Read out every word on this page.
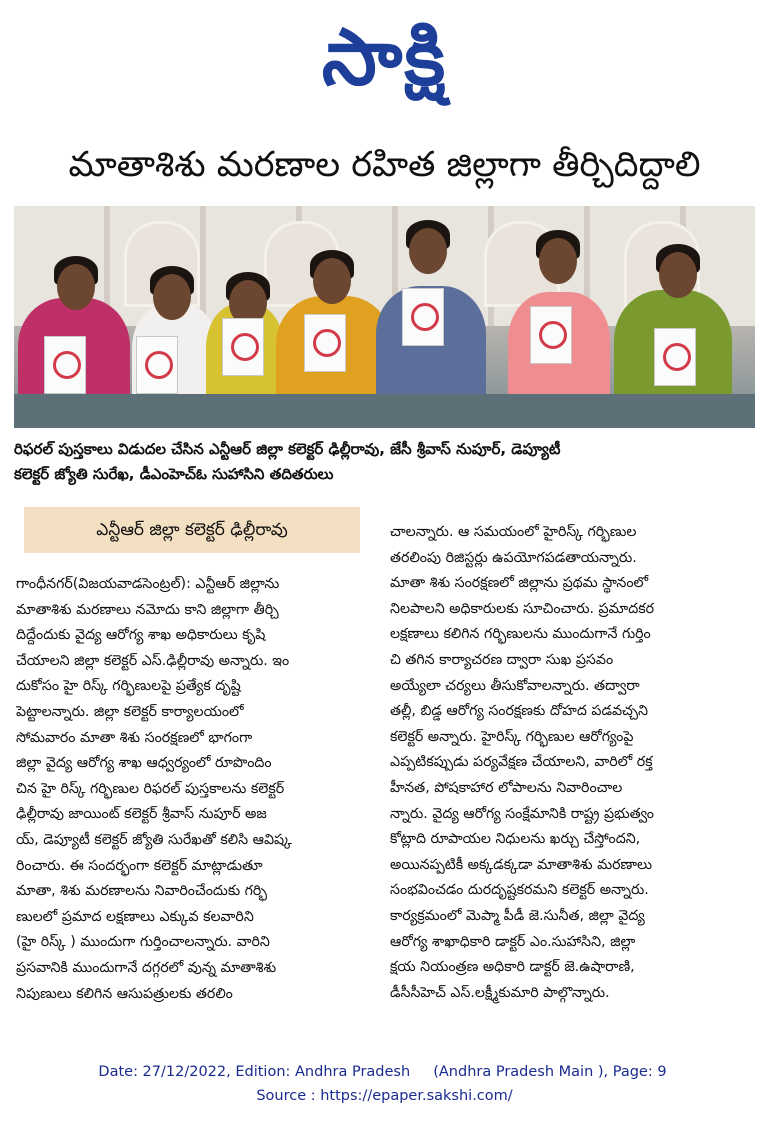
సాక్షి
మాతాశిశు మరణాల రహిత జిల్లాగా తీర్చిదిద్దాలి
రిఫరల్ పుస్తకాలు విడుదల చేసిన ఎన్టీఆర్ జిల్లా కలెక్టర్ ఢిల్లీరావు, జేసీ శ్రీవాస్ నుపూర్, డెప్యూటీ
కలెక్టర్ జ్యోతి సురేఖ, డీఎంహెచ్ఓ సుహాసిని తదితరులు
ఎన్టీఆర్ జిల్లా కలెక్టర్ ఢిల్లీరావు
గాంధీనగర్(విజయవాడసెంట్రల్): ఎన్టీఆర్ జిల్లాను
మాతాశిశు మరణాలు నమోదు కాని జిల్లాగా తీర్చి
దిద్దేందుకు వైద్య ఆరోగ్య శాఖ అధికారులు కృషి
చేయాలని జిల్లా కలెక్టర్ ఎస్.ఢిల్లీరావు అన్నారు. ఇం
దుకోసం హై రిస్క్ గర్భిణులపై ప్రత్యేక దృష్టి
పెట్టాలన్నారు. జిల్లా కలెక్టర్ కార్యాలయంలో
సోమవారం మాతా శిశు సంరక్షణలో భాగంగా
జిల్లా వైద్య ఆరోగ్య శాఖ ఆధ్వర్యంలో రూపొందిం
చిన హై రిస్క్ గర్భిణుల రిఫరల్ పుస్తకాలను కలెక్టర్
ఢిల్లీరావు జాయింట్ కలెక్టర్ శ్రీవాస్ నుపూర్ అజ
య్, డెప్యూటీ కలెక్టర్ జ్యోతి సురేఖతో కలిసి ఆవిష్క
రించారు. ఈ సందర్భంగా కలెక్టర్ మాట్లాడుతూ
మాతా, శిశు మరణాలను నివారించేందుకు గర్భి
ణులలో ప్రమాద లక్షణాలు ఎక్కువ కలవారిని
(హై రిస్క్ ) ముందుగా గుర్తించాలన్నారు. వారిని
ప్రసవానికి ముందుగానే దగ్గరలో వున్న మాతాశిశు
నిపుణులు కలిగిన ఆసుపత్రులకు తరలిం
చాలన్నారు. ఆ సమయంలో హైరిస్క్ గర్భిణుల
తరలింపు రిజిస్టర్లు ఉపయోగపడతాయన్నారు.
మాతా శిశు సంరక్షణలో జిల్లాను ప్రథమ స్థానంలో
నిలపాలని అధికారులకు సూచించారు. ప్రమాదకర
లక్షణాలు కలిగిన గర్భిణులను ముందుగానే గుర్తిం
చి తగిన కార్యాచరణ ద్వారా సుఖ ప్రసవం
అయ్యేలా చర్యలు తీసుకోవాలన్నారు. తద్వారా
తల్లీ, బిడ్డ ఆరోగ్య సంరక్షణకు దోహద పడవచ్చని
కలెక్టర్ అన్నారు. హైరిస్క్ గర్భిణుల ఆరోగ్యంపై
ఎప్పటికప్పుడు పర్యవేక్షణ చేయాలని, వారిలో రక్త
హీనత, పోషకాహార లోపాలను నివారించాల
న్నారు. వైద్య ఆరోగ్య సంక్షేమానికి రాష్ట్ర ప్రభుత్వం
కోట్లాది రూపాయల నిధులను ఖర్చు చేస్తోందని,
అయినప్పటికీ అక్కడక్కడా మాతాశిశు మరణాలు
సంభవించడం దురదృష్టకరమని కలెక్టర్ అన్నారు.
కార్యక్రమంలో మెప్మా పీడీ జె.సునీత, జిల్లా వైద్య
ఆరోగ్య శాఖాధికారి డాక్టర్ ఎం.సుహాసిని, జిల్లా
క్షయ నియంత్రణ అధికారి డాక్టర్ జె.ఉషారాణి,
డీసీసీహెచ్ ఎస్.లక్ష్మీకుమారి పాల్గొన్నారు.
Date: 27/12/2022, Edition: Andhra Pradesh     (Andhra Pradesh Main ), Page: 9
Source : https://epaper.sakshi.com/
